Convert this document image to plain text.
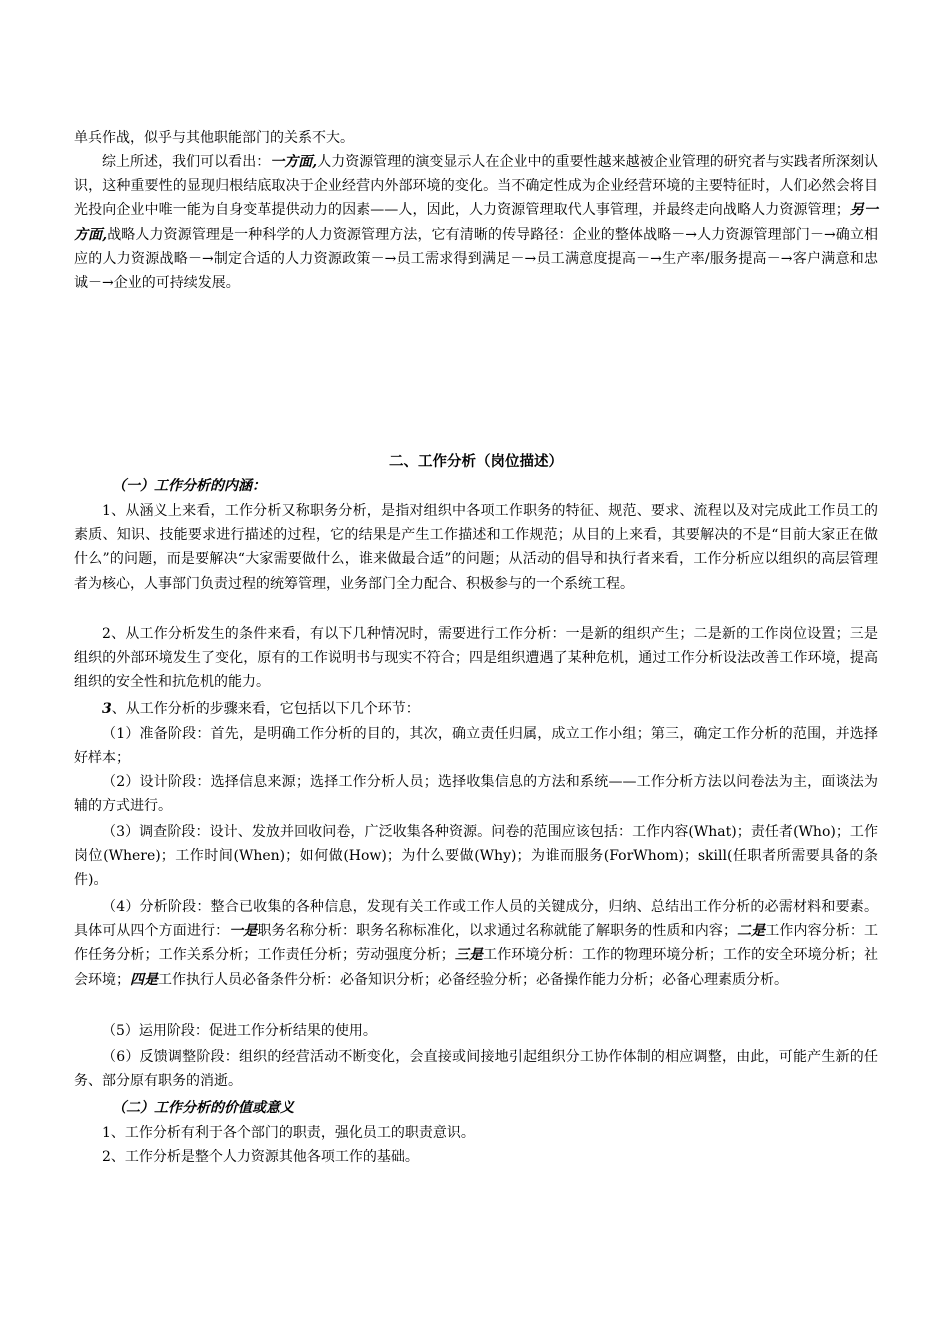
单兵作战，似乎与其他职能部门的关系不大。

综上所述，我们可以看出：一方面,人力资源管理的演变显示人在企业中的重要性越来越被企业管理的研究者与实践者所深刻认识，这种重要性的显现归根结底取决于企业经营内外部环境的变化。当不确定性成为企业经营环境的主要特征时，人们必然会将目光投向企业中唯一能为自身变革提供动力的因素——人，因此，人力资源管理取代人事管理，并最终走向战略人力资源管理；另一方面,战略人力资源管理是一种科学的人力资源管理方法，它有清晰的传导路径：企业的整体战略－→人力资源管理部门－→确立相应的人力资源战略－→制定合适的人力资源政策－→员工需求得到满足－→员工满意度提高－→生产率/服务提高－→客户满意和忠诚－→企业的可持续发展。

二、工作分析（岗位描述）
（一）工作分析的内涵：

1、从涵义上来看，工作分析又称职务分析，是指对组织中各项工作职务的特征、规范、要求、流程以及对完成此工作员工的素质、知识、技能要求进行描述的过程，它的结果是产生工作描述和工作规范；从目的上来看，其要解决的不是“目前大家正在做什么”的问题，而是要解决“大家需要做什么，谁来做最合适”的问题；从活动的倡导和执行者来看，工作分析应以组织的高层管理者为核心，人事部门负责过程的统筹管理，业务部门全力配合、积极参与的一个系统工程。

2、从工作分析发生的条件来看，有以下几种情况时，需要进行工作分析：一是新的组织产生；二是新的工作岗位设置；三是组织的外部环境发生了变化，原有的工作说明书与现实不符合；四是组织遭遇了某种危机，通过工作分析设法改善工作环境，提高组织的安全性和抗危机的能力。

3、从工作分析的步骤来看，它包括以下几个环节：

（1）准备阶段：首先，是明确工作分析的目的，其次，确立责任归属，成立工作小组；第三，确定工作分析的范围，并选择好样本；

（2）设计阶段：选择信息来源；选择工作分析人员；选择收集信息的方法和系统——工作分析方法以问卷法为主，面谈法为辅的方式进行。

（3）调查阶段：设计、发放并回收问卷，广泛收集各种资源。问卷的范围应该包括：工作内容(What)；责任者(Who)；工作岗位(Where)；工作时间(When)；如何做(How)；为什么要做(Why)；为谁而服务(ForWhom)；skill(任职者所需要具备的条件)。

（4）分析阶段：整合已收集的各种信息，发现有关工作或工作人员的关键成分，归纳、总结出工作分析的必需材料和要素。具体可从四个方面进行：一是职务名称分析：职务名称标准化，以求通过名称就能了解职务的性质和内容；二是工作内容分析：工作任务分析；工作关系分析；工作责任分析；劳动强度分析；三是工作环境分析：工作的物理环境分析；工作的安全环境分析；社会环境；四是工作执行人员必备条件分析：必备知识分析；必备经验分析；必备操作能力分析；必备心理素质分析。

（5）运用阶段：促进工作分析结果的使用。

（6）反馈调整阶段：组织的经营活动不断变化，会直接或间接地引起组织分工协作体制的相应调整，由此，可能产生新的任务、部分原有职务的消逝。

（二）工作分析的价值或意义

1、工作分析有利于各个部门的职责，强化员工的职责意识。

2、工作分析是整个人力资源其他各项工作的基础。
